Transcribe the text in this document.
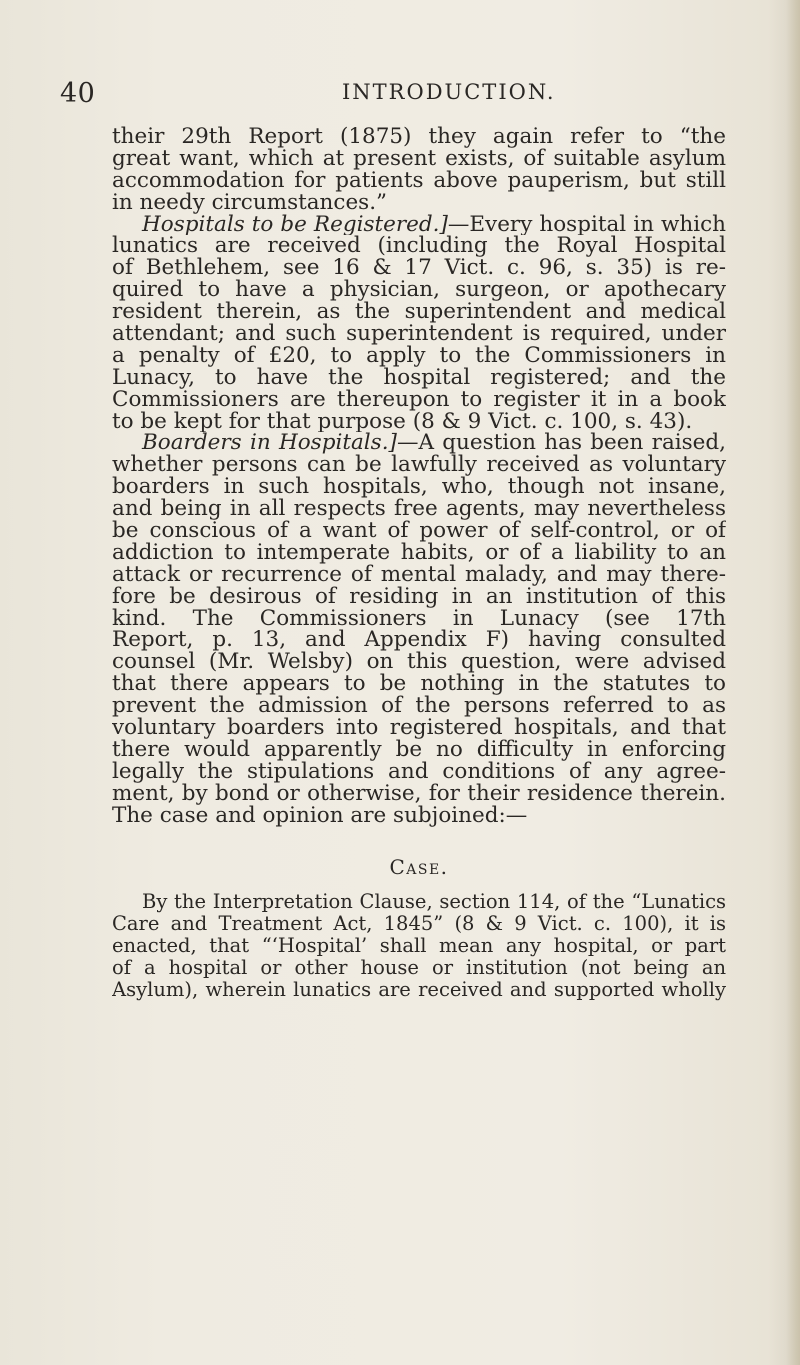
40	INTRODUCTION.
their 29th Report (1875) they again refer to “the
great want, which at present exists, of suitable asylum
accommodation for patients above pauperism, but still
in needy circumstances.”
Hospitals to be Registered.]—Every hospital in which
lunatics are received (including the Royal Hospital
of Bethlehem, see 16 & 17 Vict. c. 96, s. 35) is re-
quired to have a physician, surgeon, or apothecary
resident therein, as the superintendent and medical
attendant; and such superintendent is required, under
a penalty of £20, to apply to the Commissioners in
Lunacy, to have the hospital registered; and the
Commissioners are thereupon to register it in a book
to be kept for that purpose (8 & 9 Vict. c. 100, s. 43).
Boarders in Hospitals.]—A question has been raised,
whether persons can be lawfully received as voluntary
boarders in such hospitals, who, though not insane,
and being in all respects free agents, may nevertheless
be conscious of a want of power of self-control, or of
addiction to intemperate habits, or of a liability to an
attack or recurrence of mental malady, and may there-
fore be desirous of residing in an institution of this
kind. The Commissioners in Lunacy (see 17th
Report, p. 13, and Appendix F) having consulted
counsel (Mr. Welsby) on this question, were advised
that there appears to be nothing in the statutes to
prevent the admission of the persons referred to as
voluntary boarders into registered hospitals, and that
there would apparently be no difficulty in enforcing
legally the stipulations and conditions of any agree-
ment, by bond or otherwise, for their residence therein.
The case and opinion are subjoined:—
Case.
By the Interpretation Clause, section 114, of the “Lunatics
Care and Treatment Act, 1845” (8 & 9 Vict. c. 100), it is
enacted, that “‘Hospital’ shall mean any hospital, or part
of a hospital or other house or institution (not being an
Asylum), wherein lunatics are received and supported wholly
